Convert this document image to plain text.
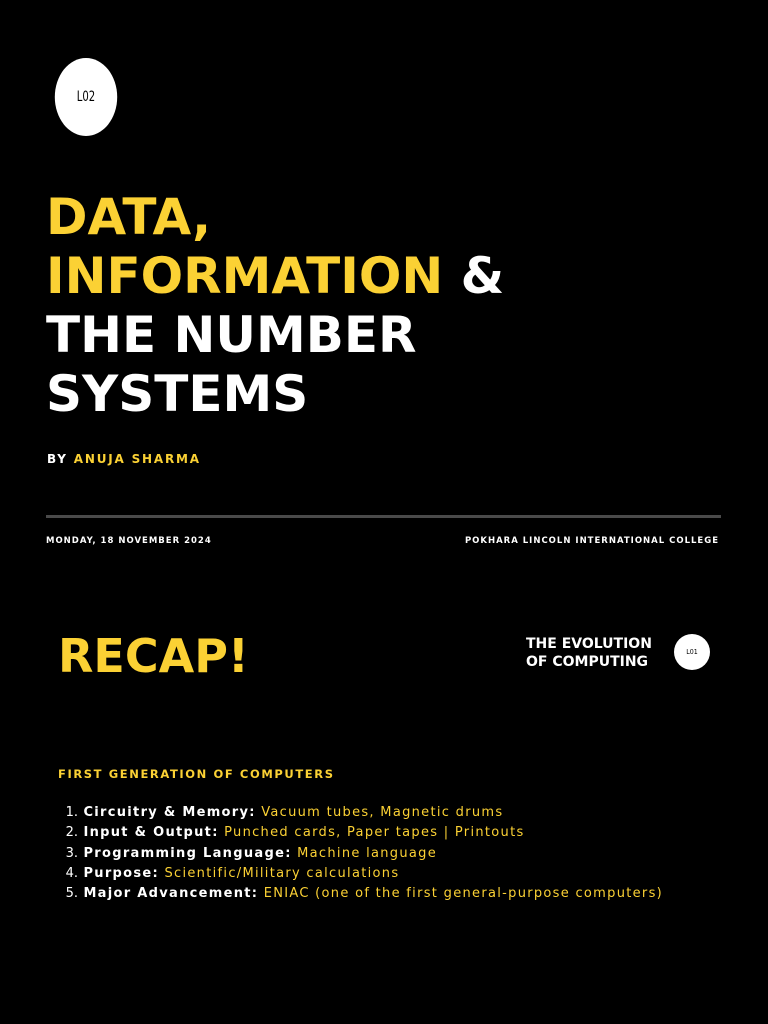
L02
DATA,
INFORMATION &
THE NUMBER
SYSTEMS
BY ANUJA SHARMA
MONDAY, 18 NOVEMBER 2024	POKHARA LINCOLN INTERNATIONAL COLLEGE
RECAP!	THE EVOLUTION
OF COMPUTING
L01
FIRST GENERATION OF COMPUTERS
1. Circuitry & Memory: Vacuum tubes, Magnetic drums
2. Input & Output: Punched cards, Paper tapes | Printouts
3. Programming Language: Machine language
4. Purpose: Scientific/Military calculations
5. Major Advancement: ENIAC (one of the first general-purpose computers)
